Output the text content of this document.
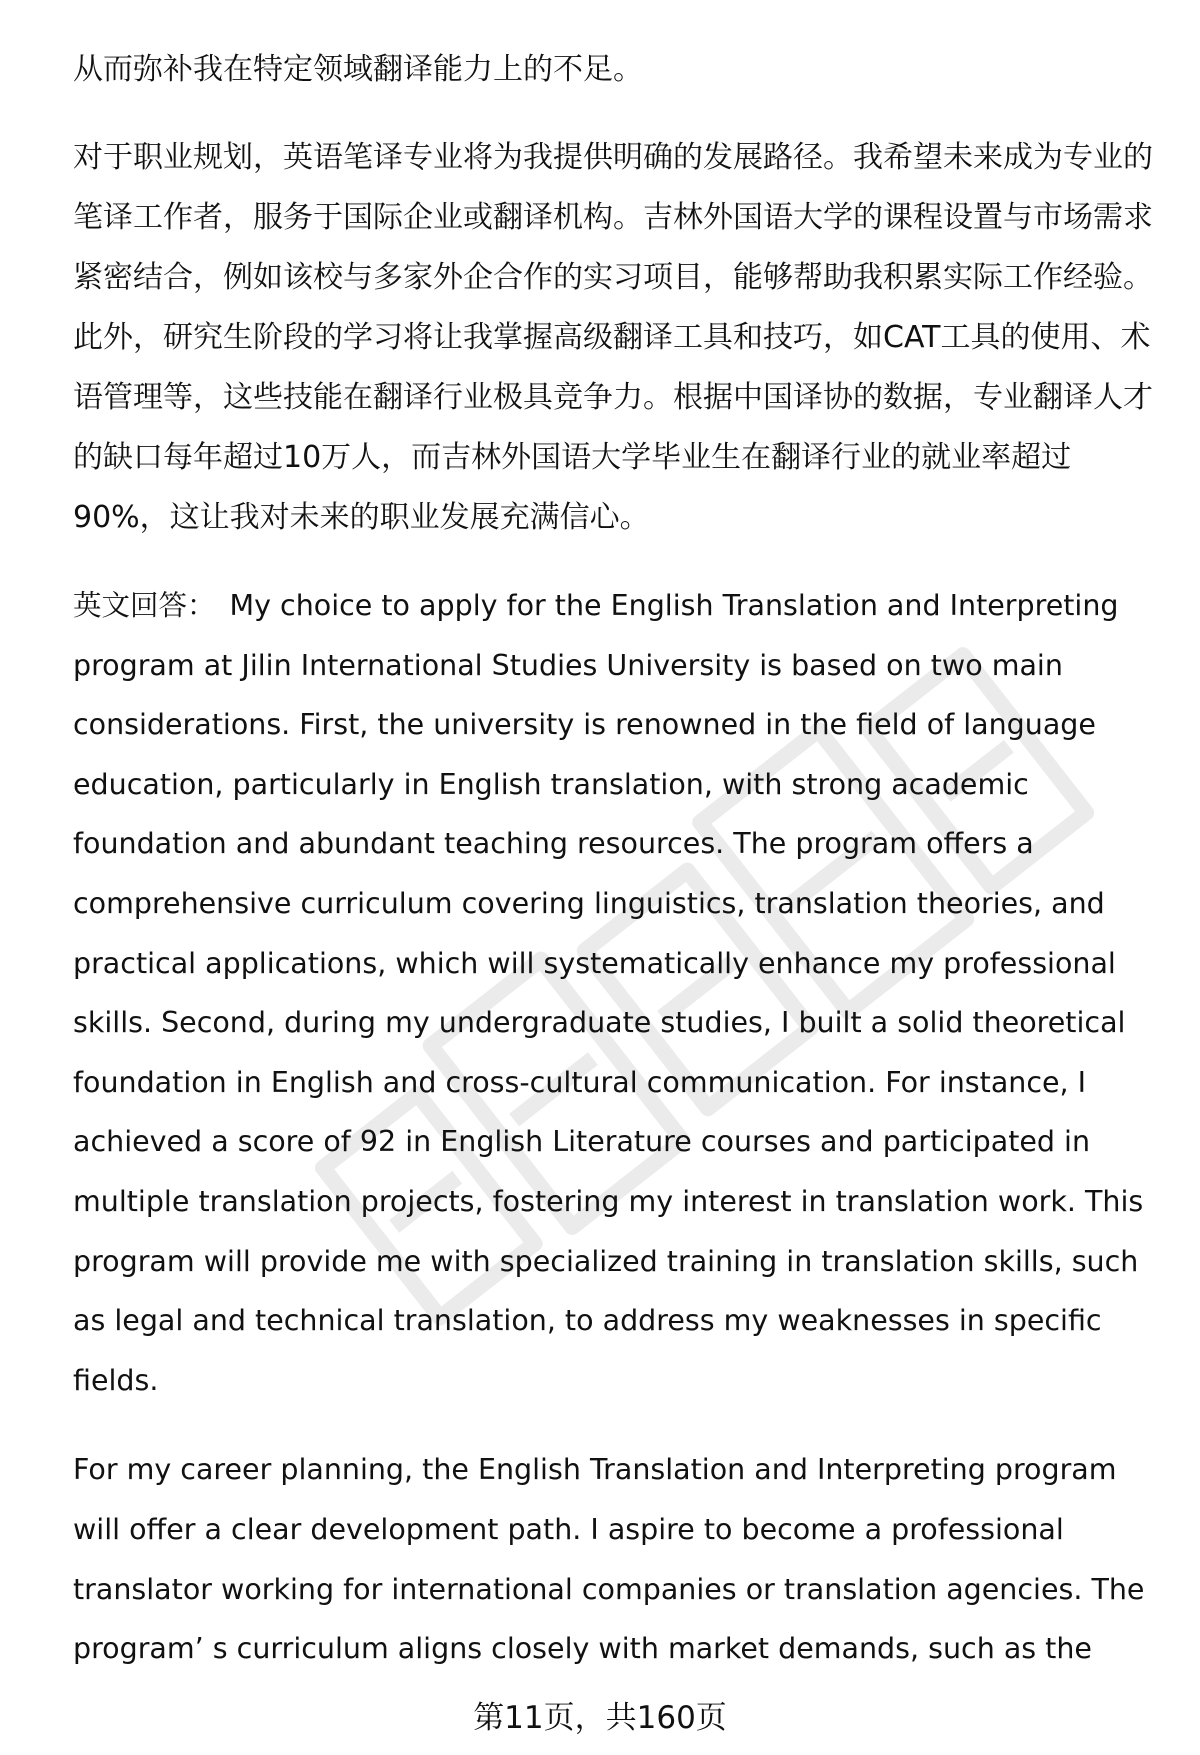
从而弥补我在特定领域翻译能力上的不足。

对于职业规划，英语笔译专业将为我提供明确的发展路径。我希望未来成为专业的笔译工作者，服务于国际企业或翻译机构。吉林外国语大学的课程设置与市场需求紧密结合，例如该校与多家外企合作的实习项目，能够帮助我积累实际工作经验。此外，研究生阶段的学习将让我掌握高级翻译工具和技巧，如CAT工具的使用、术语管理等，这些技能在翻译行业极具竞争力。根据中国译协的数据，专业翻译人才的缺口每年超过10万人，而吉林外国语大学毕业生在翻译行业的就业率超过90%，这让我对未来的职业发展充满信心。

英文回答： My choice to apply for the English Translation and Interpreting program at Jilin International Studies University is based on two main considerations. First, the university is renowned in the field of language education, particularly in English translation, with strong academic foundation and abundant teaching resources. The program offers a comprehensive curriculum covering linguistics, translation theories, and practical applications, which will systematically enhance my professional skills. Second, during my undergraduate studies, I built a solid theoretical foundation in English and cross-cultural communication. For instance, I achieved a score of 92 in English Literature courses and participated in multiple translation projects, fostering my interest in translation work. This program will provide me with specialized training in translation skills, such as legal and technical translation, to address my weaknesses in specific fields.

For my career planning, the English Translation and Interpreting program will offer a clear development path. I aspire to become a professional translator working for international companies or translation agencies. The program’ s curriculum aligns closely with market demands, such as the

第11页，共160页
